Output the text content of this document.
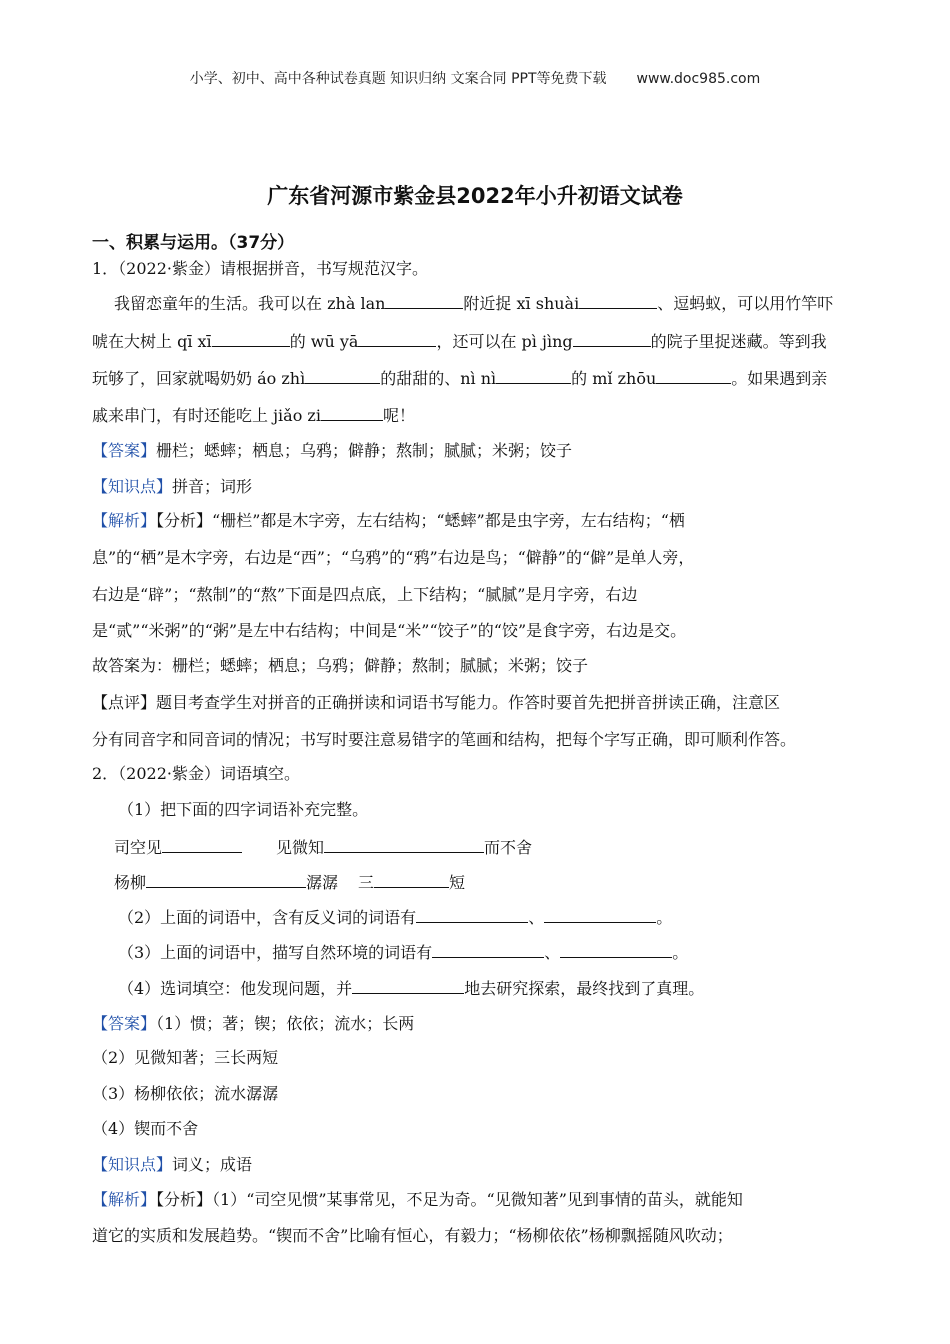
小学、初中、高中各种试卷真题 知识归纳 文案合同 PPT等免费下载 www.doc985.com
广东省河源市紫金县2022年小升初语文试卷
一、积累与运用。（37分）
1．（2022·紫金）请根据拼音，书写规范汉字。
我留恋童年的生活。我可以在 zhà lan	附近捉 xī shuài	、逗蚂蚁，可以用竹竿吓
唬在大树上 qī xī	的 wū yā	，还可以在 pì jìng	的院子里捉迷藏。等到我
玩够了，回家就喝奶奶 áo zhì	的甜甜的、nì nì	的 mǐ zhōu	。如果遇到亲
戚来串门，有时还能吃上 jiǎo zi	呢！
【答案】栅栏；蟋蟀；栖息；乌鸦；僻静；熬制；腻腻；米粥；饺子
【知识点】拼音；词形
【解析】【分析】“栅栏”都是木字旁，左右结构；“蟋蟀”都是虫字旁，左右结构；“栖
息”的“栖”是木字旁，右边是“西”；“乌鸦”的“鸦”右边是鸟；“僻静”的“僻”是单人旁，
右边是“辟”；“熬制”的“熬”下面是四点底，上下结构；“腻腻”是月字旁，右边
是“贰”“米粥”的“粥”是左中右结构；中间是“米”“饺子”的“饺”是食字旁，右边是交。
故答案为：栅栏；蟋蟀；栖息；乌鸦；僻静；熬制；腻腻；米粥；饺子
【点评】题目考查学生对拼音的正确拼读和词语书写能力。作答时要首先把拼音拼读正确，注意区
分有同音字和同音词的情况；书写时要注意易错字的笔画和结构，把每个字写正确，即可顺利作答。
2．（2022·紫金）词语填空。
（1）把下面的四字词语补充完整。
司空见	见微知	而不舍
杨柳	潺潺 三	短
（2）上面的词语中，含有反义词的词语有	、	。
（3）上面的词语中，描写自然环境的词语有	、	。
（4）选词填空：他发现问题，并	地去研究探索，最终找到了真理。
【答案】（1）惯；著；锲；依依；流水；长两
（2）见微知著；三长两短
（3）杨柳依依；流水潺潺
（4）锲而不舍
【知识点】词义；成语
【解析】【分析】（1）“司空见惯”某事常见，不足为奇。“见微知著”见到事情的苗头，就能知
道它的实质和发展趋势。“锲而不舍”比喻有恒心，有毅力；“杨柳依依”杨柳飘摇随风吹动；
